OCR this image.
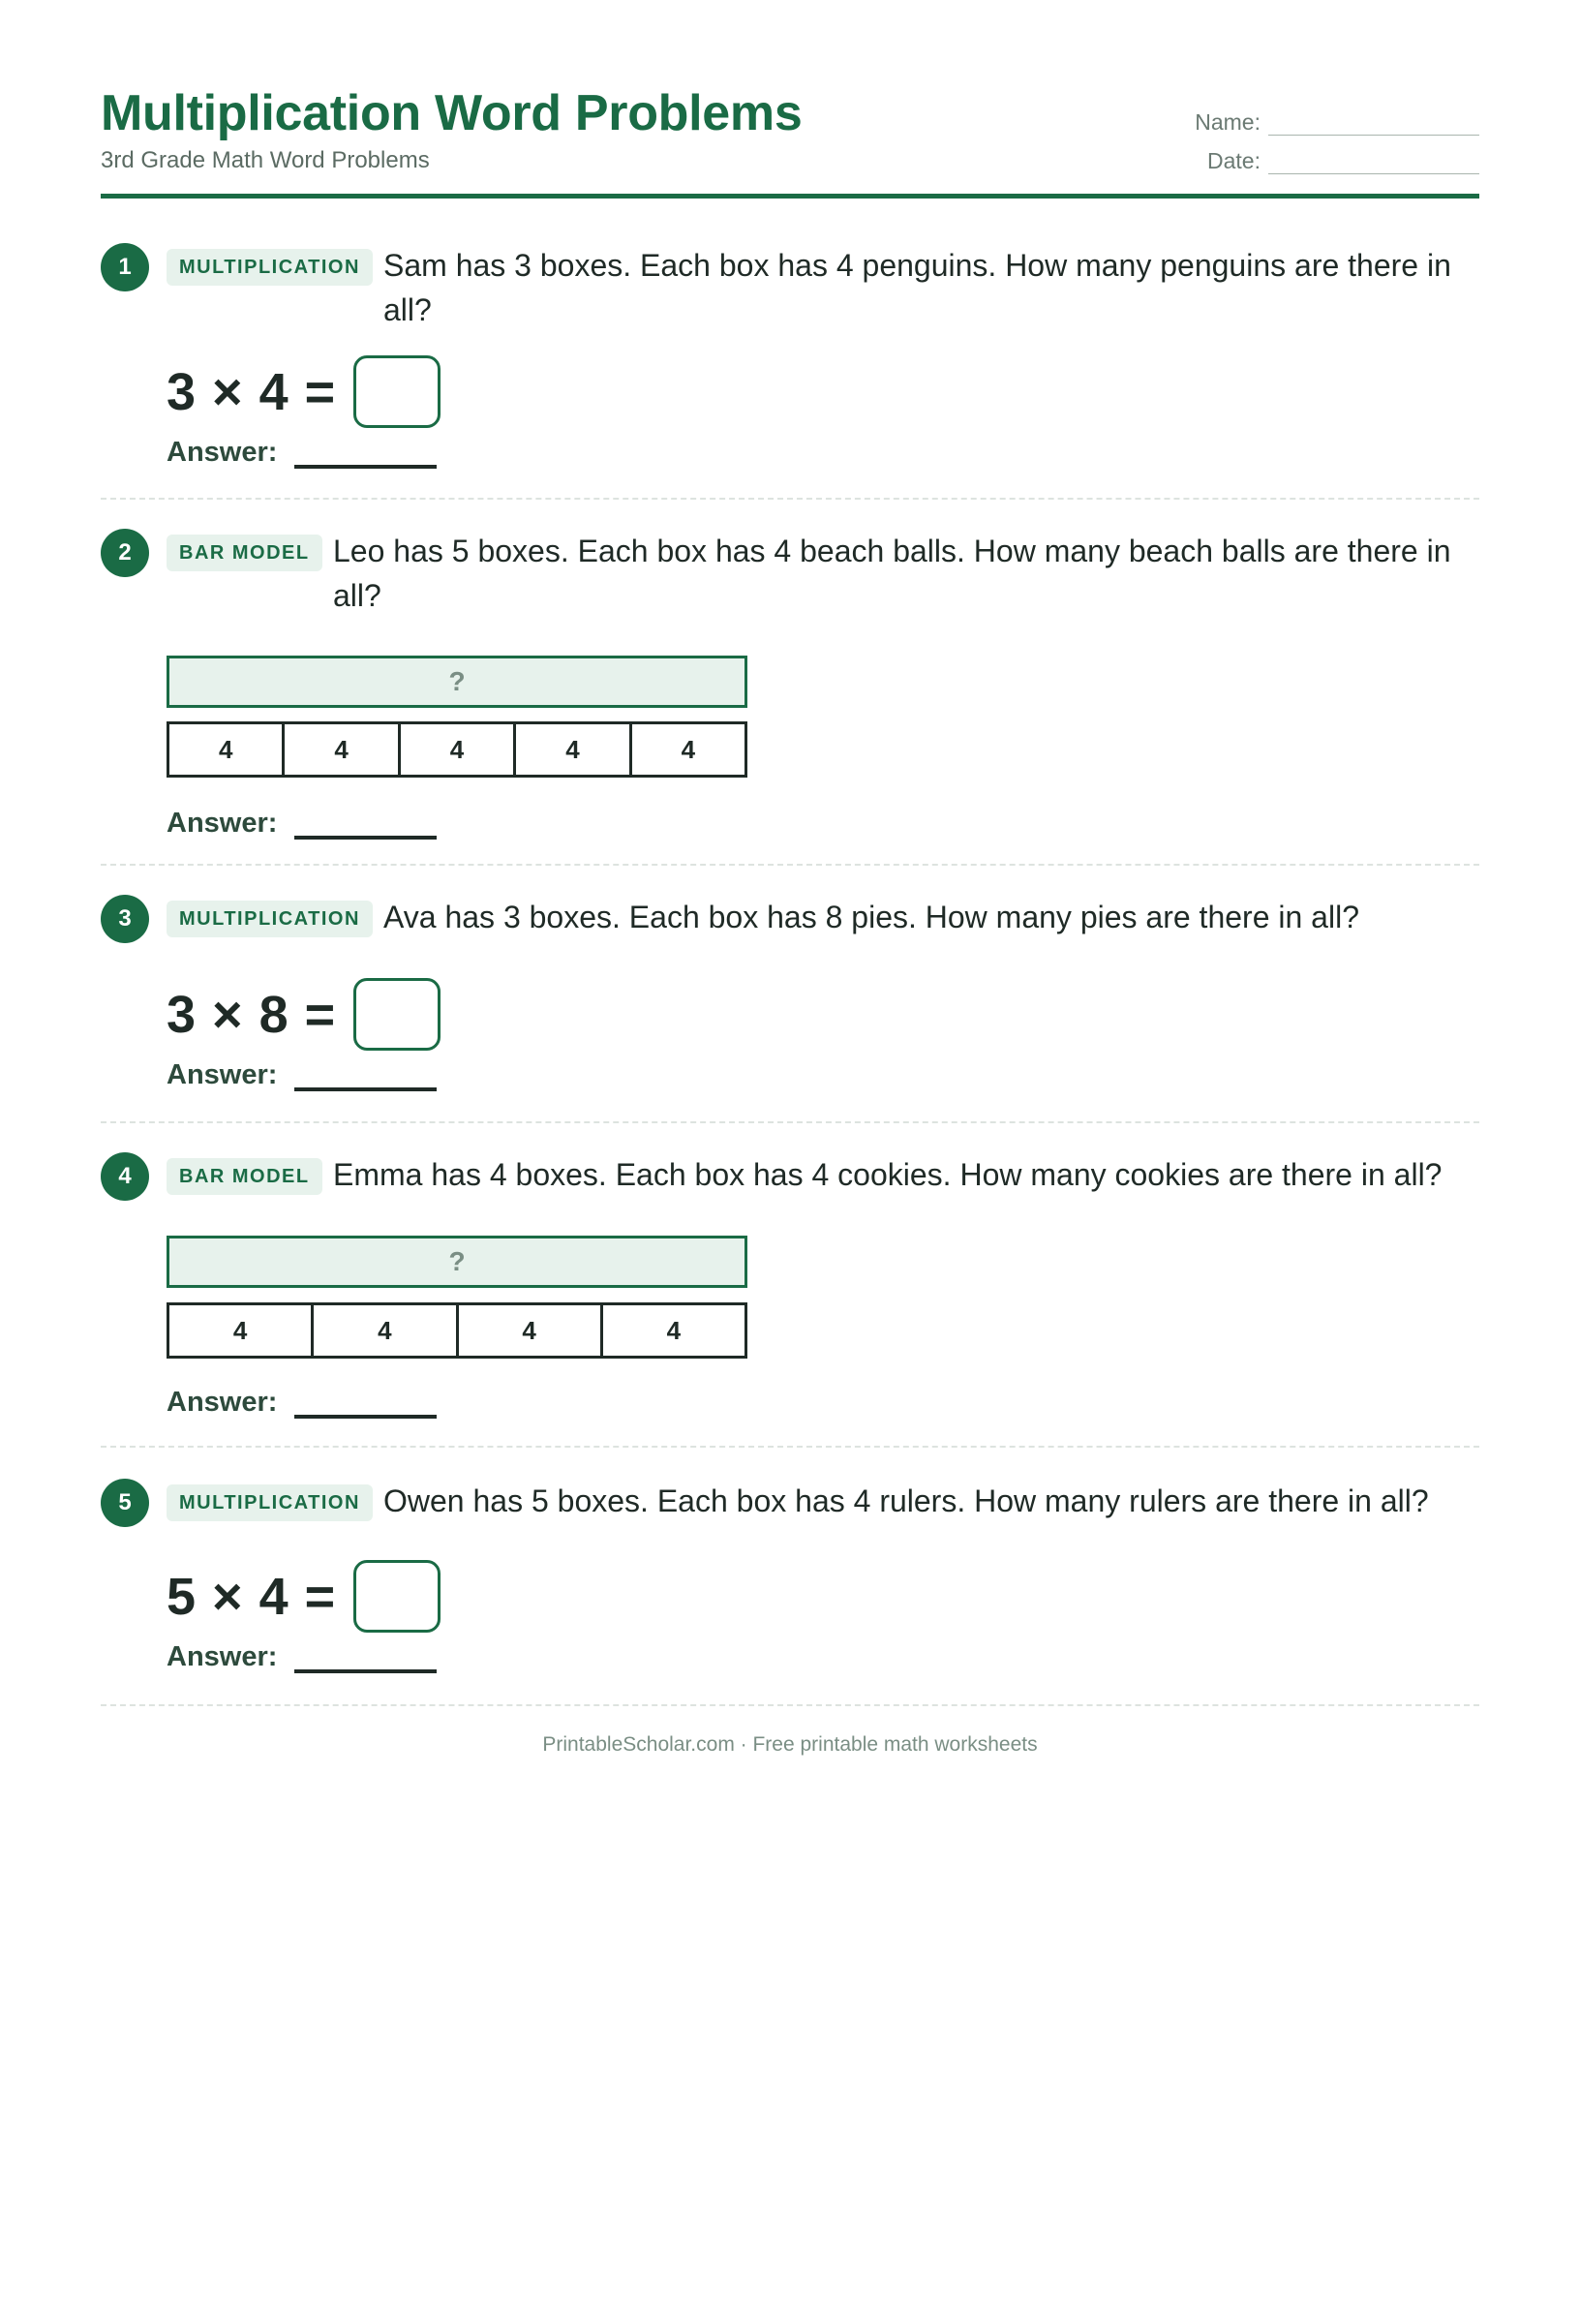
Multiplication Word Problems
3rd Grade Math Word Problems
Name:
Date:
1	MULTIPLICATION Sam has 3 boxes. Each box has 4 penguins. How many penguins are there in all?
3 × 4 =
Answer:
2	BAR MODEL Leo has 5 boxes. Each box has 4 beach balls. How many beach balls are there in all?
?
4	4	4	4	4
Answer:
3	MULTIPLICATION Ava has 3 boxes. Each box has 8 pies. How many pies are there in all?
3 × 8 =
Answer:
4	BAR MODEL Emma has 4 boxes. Each box has 4 cookies. How many cookies are there in all?
?
4	4	4	4
Answer:
5	MULTIPLICATION Owen has 5 boxes. Each box has 4 rulers. How many rulers are there in all?
5 × 4 =
Answer:
PrintableScholar.com · Free printable math worksheets
